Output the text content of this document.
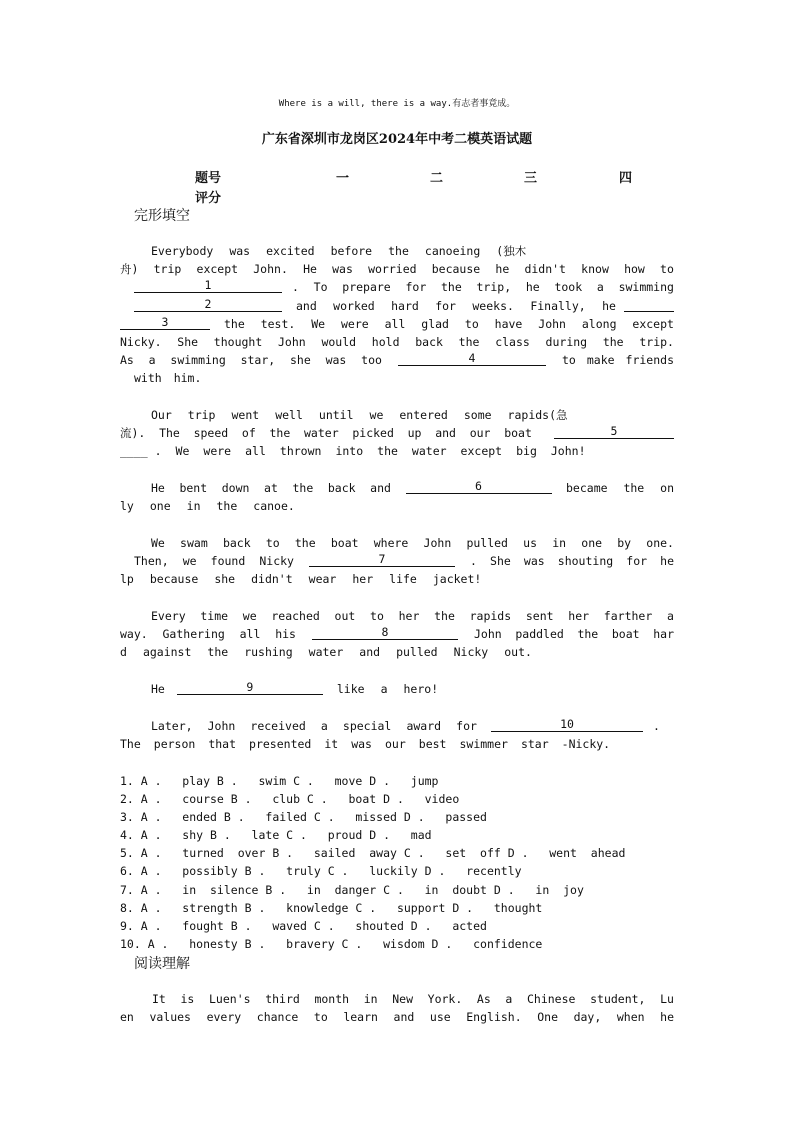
Where is a will, there is a way.有志者事竟成。
广东省深圳市龙岗区2024年中考二模英语试题
题号	一	二	三	四
评分
完形填空
Everybody was excited before the canoeing (独木
舟) trip except John. He was worried because he didn't know how to
1	. To prepare for the trip, he took a swimming
2	and worked hard for weeks. Finally, he
3	the test. We were all glad to have John along except
Nicky. She thought John would hold back the class during the trip.
As a swimming star, she was too	4	to make friends
with him.
Our trip went well until we entered some rapids(急
流). The speed of the water picked up and our boat	5
____ . We were all thrown into the water except big John!
He bent down at the back and	6	became the on
ly one in the canoe.
We swam back to the boat where John pulled us in one by one.
Then, we found Nicky	7	. She was shouting for he
lp because she didn't wear her life jacket!
Every time we reached out to her the rapids sent her farther a
way. Gathering all his	8	John paddled the boat har
d against the rushing water and pulled Nicky out.
He	9	like a hero!
Later, John received a special award for	10	.
The person that presented it was our best swimmer star -Nicky.
1. A .   play B .   swim C .   move D .   jump
2. A .   course B .   club C .   boat D .   video
3. A .   ended B .   failed C .   missed D .   passed
4. A .   shy B .   late C .   proud D .   mad
5. A .   turned  over B .   sailed  away C .   set  off D .   went  ahead
6. A .   possibly B .   truly C .   luckily D .   recently
7. A .   in  silence B .   in  danger C .   in  doubt D .   in  joy
8. A .   strength B .   knowledge C .   support D .   thought
9. A .   fought B .   waved C .   shouted D .   acted
10. A .   honesty B .   bravery C .   wisdom D .   confidence
阅读理解
It is Luen's third month in New York. As a Chinese student, Lu
en values every chance to learn and use English. One day, when he
